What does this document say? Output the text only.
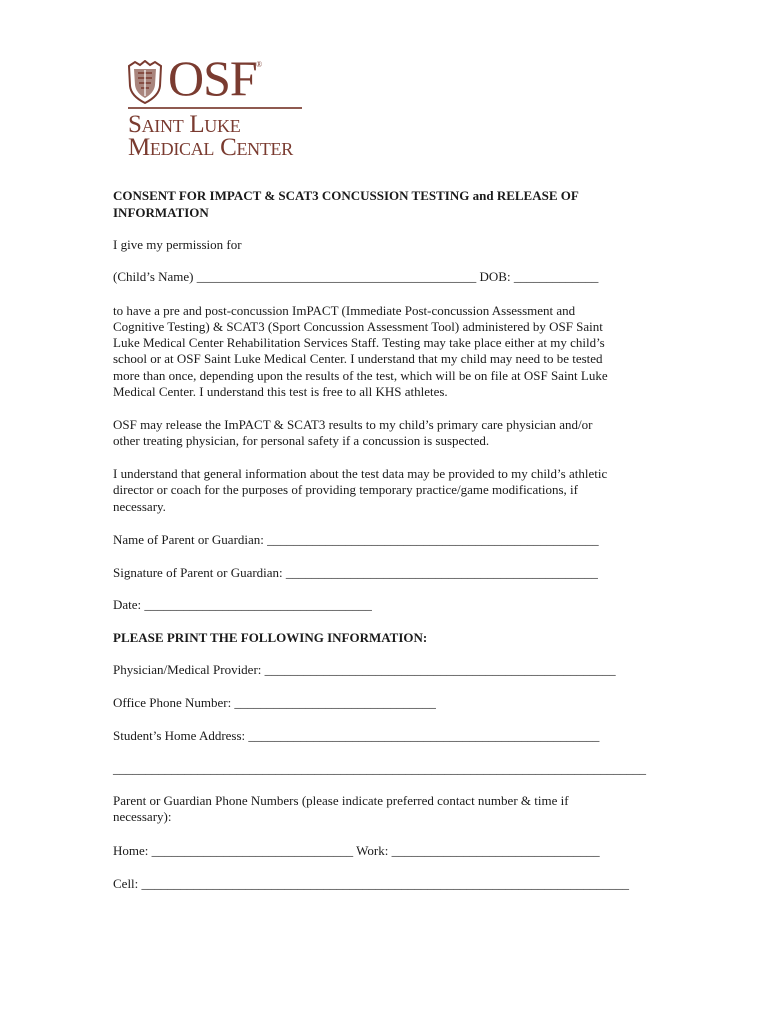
OSF ®
Saint Luke
Medical Center
CONSENT FOR IMPACT & SCAT3 CONCUSSION TESTING and RELEASE OF
INFORMATION
I give my permission for
(Child’s Name) ___________________________________________ DOB: _____________
to have a pre and post-concussion ImPACT (Immediate Post-concussion Assessment and
Cognitive Testing) & SCAT3 (Sport Concussion Assessment Tool) administered by OSF Saint
Luke Medical Center Rehabilitation Services Staff. Testing may take place either at my child’s
school or at OSF Saint Luke Medical Center. I understand that my child may need to be tested
more than once, depending upon the results of the test, which will be on file at OSF Saint Luke
Medical Center. I understand this test is free to all KHS athletes.
OSF may release the ImPACT & SCAT3 results to my child’s primary care physician and/or
other treating physician, for personal safety if a concussion is suspected.
I understand that general information about the test data may be provided to my child’s athletic
director or coach for the purposes of providing temporary practice/game modifications, if
necessary.
Name of Parent or Guardian: ___________________________________________________
Signature of Parent or Guardian: ________________________________________________
Date: ___________________________________
PLEASE PRINT THE FOLLOWING INFORMATION:
Physician/Medical Provider: ______________________________________________________
Office Phone Number: _______________________________
Student’s Home Address: ______________________________________________________
__________________________________________________________________________________
Parent or Guardian Phone Numbers (please indicate preferred contact number & time if
necessary):
Home: _______________________________ Work: ________________________________
Cell: ___________________________________________________________________________
